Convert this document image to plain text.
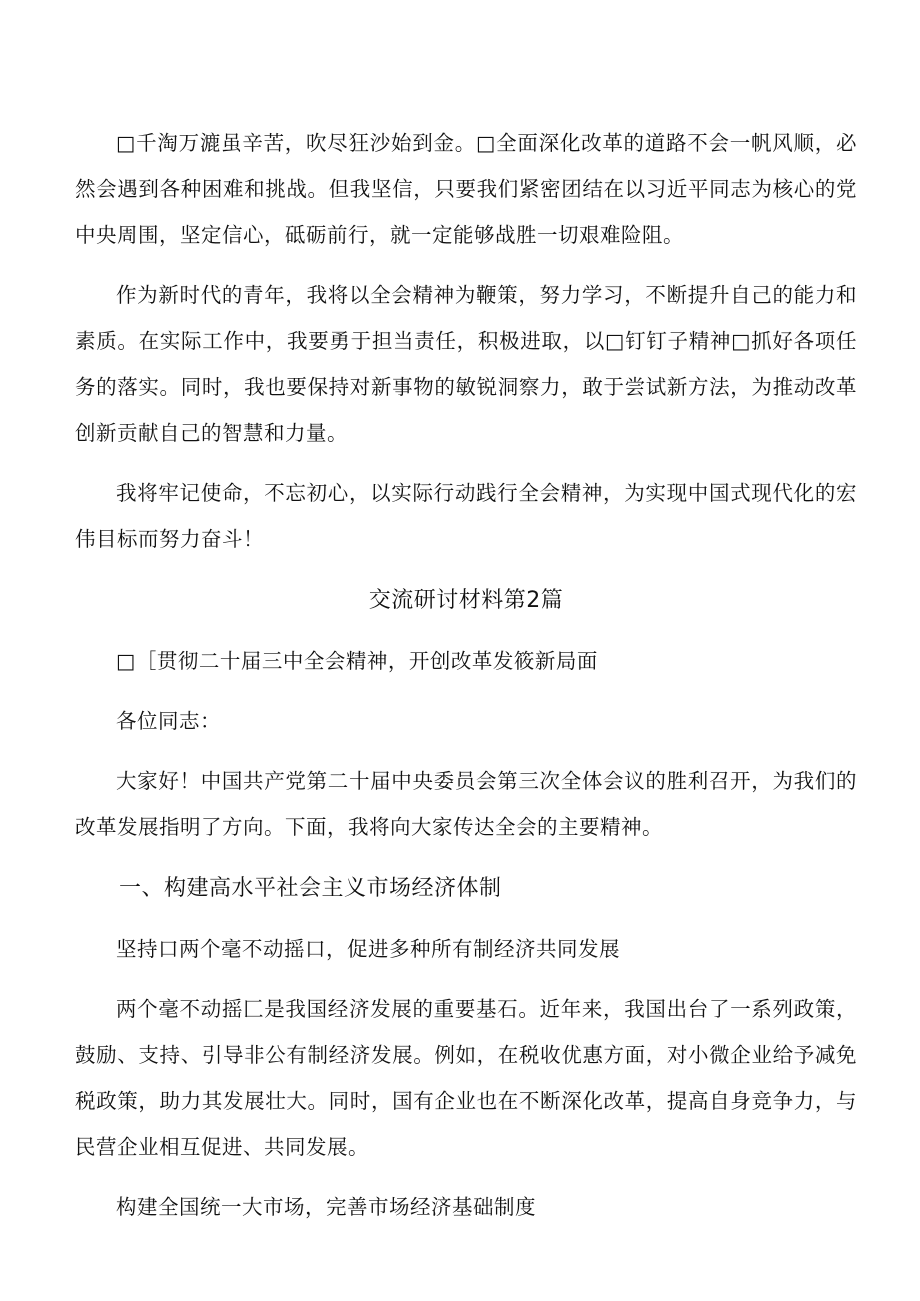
□千淘万漉虽辛苦，吹尽狂沙始到金。□全面深化改革的道路不会一帆风顺，必然会遇到各种困难和挑战。但我坚信，只要我们紧密团结在以习近平同志为核心的党中央周围，坚定信心，砥砺前行，就一定能够战胜一切艰难险阻。

作为新时代的青年，我将以全会精神为鞭策，努力学习，不断提升自己的能力和素质。在实际工作中，我要勇于担当责任，积极进取，以□钉钉子精神□抓好各项任务的落实。同时，我也要保持对新事物的敏锐洞察力，敢于尝试新方法，为推动改革创新贡献自己的智慧和力量。

我将牢记使命，不忘初心，以实际行动践行全会精神，为实现中国式现代化的宏伟目标而努力奋斗！

交流研讨材料第2篇

□［贯彻二十届三中全会精神，开创改革发筱新局面

各位同志：

大家好！中国共产党第二十届中央委员会第三次全体会议的胜利召开，为我们的改革发展指明了方向。下面，我将向大家传达全会的主要精神。

一、构建高水平社会主义市场经济体制

坚持口两个毫不动摇口，促进多种所有制经济共同发展

两个毫不动摇匚是我国经济发展的重要基石。近年来，我国出台了一系列政策，鼓励、支持、引导非公有制经济发展。例如，在税收优惠方面，对小微企业给予减免税政策，助力其发展壮大。同时，国有企业也在不断深化改革，提高自身竞争力，与民营企业相互促进、共同发展。

构建全国统一大市场，完善市场经济基础制度
